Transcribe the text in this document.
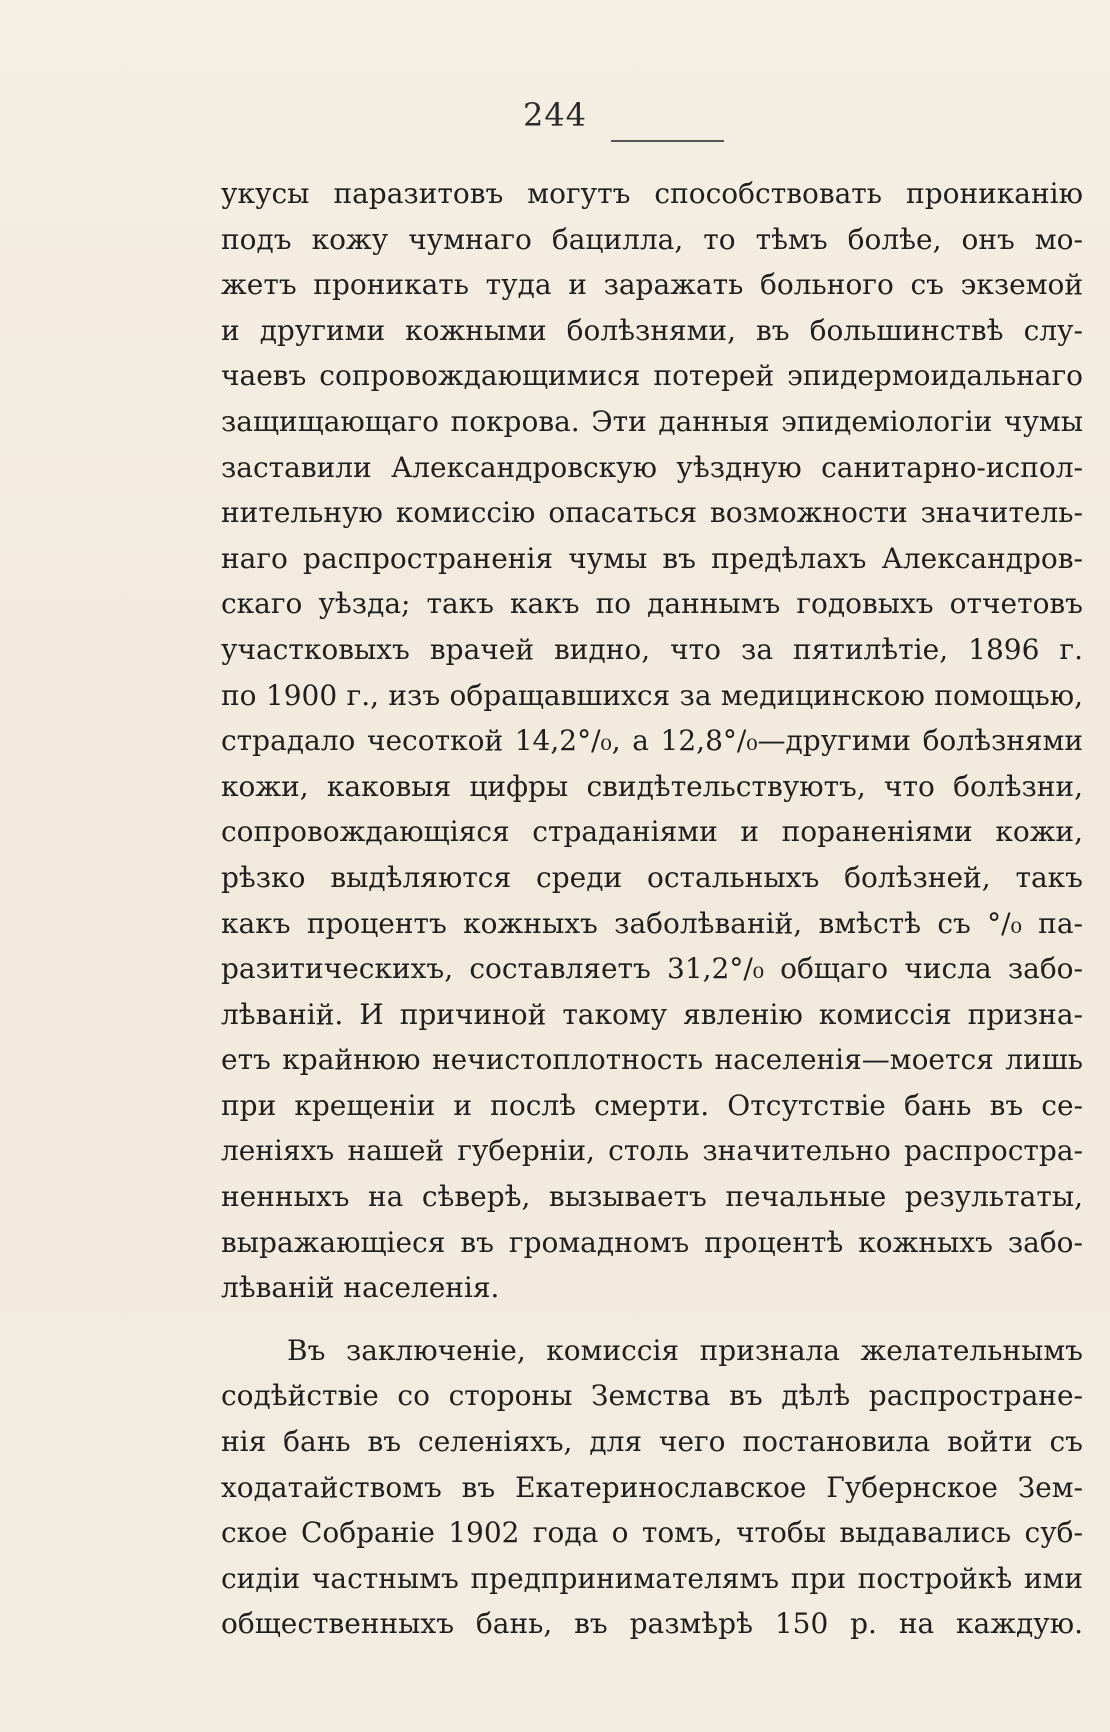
244
укусы паразитовъ могутъ способствовать прониканію
подъ кожу чумнаго бацилла, то тѣмъ болѣе, онъ мо-
жетъ проникать туда и заражать больного съ экземой
и другими кожными болѣзнями, въ большинствѣ слу-
чаевъ сопровождающимися потерей эпидермоидальнаго
защищающаго покрова. Эти данныя эпидеміологіи чумы
заставили Александровскую уѣздную санитарно-испол-
нительную комиссію опасаться возможности значитель-
наго распространенія чумы въ предѣлахъ Александров-
скаго уѣзда; такъ какъ по даннымъ годовыхъ отчетовъ
участковыхъ врачей видно, что за пятилѣтіе, 1896 г.
по 1900 г., изъ обращавшихся за медицинскою помощью,
страдало чесоткой 14,2°/₀, а 12,8°/₀—другими болѣзнями
кожи, каковыя цифры свидѣтельствуютъ, что болѣзни,
сопровождающіяся страданіями и пораненіями кожи,
рѣзко выдѣляются среди остальныхъ болѣзней, такъ
какъ процентъ кожныхъ заболѣваній, вмѣстѣ съ °/₀ па-
разитическихъ, составляетъ 31,2°/₀ общаго числа забо-
лѣваній. И причиной такому явленію комиссія призна-
етъ крайнюю нечистоплотность населенія—моется лишь
при крещеніи и послѣ смерти. Отсутствіе бань въ се-
леніяхъ нашей губерніи, столь значительно распростра-
ненныхъ на сѣверѣ, вызываетъ печальные результаты,
выражающіеся въ громадномъ процентѣ кожныхъ забо-
лѣваній населенія.
Въ заключеніе, комиссія признала желательнымъ
содѣйствіе со стороны Земства въ дѣлѣ распростране-
нія бань въ селеніяхъ, для чего постановила войти съ
ходатайствомъ въ Екатеринославское Губернское Зем-
ское Собраніе 1902 года о томъ, чтобы выдавались суб-
сидіи частнымъ предпринимателямъ при постройкѣ ими
общественныхъ бань, въ размѣрѣ 150 р. на каждую.
